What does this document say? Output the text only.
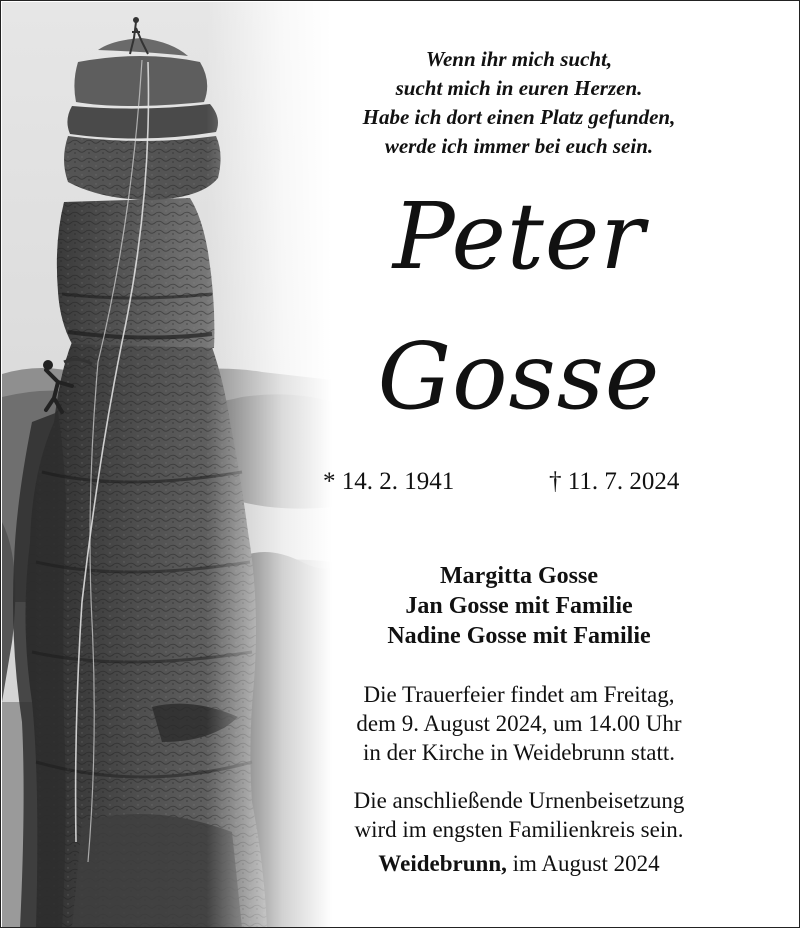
Wenn ihr mich sucht,
sucht mich in euren Herzen.
Habe ich dort einen Platz gefunden,
werde ich immer bei euch sein.
Peter
Gosse
* 14. 2. 1941	† 11. 7. 2024
Margitta Gosse
Jan Gosse mit Familie
Nadine Gosse mit Familie
Die Trauerfeier findet am Freitag,
dem 9. August 2024, um 14.00 Uhr
in der Kirche in Weidebrunn statt.
Die anschließende Urnenbeisetzung
wird im engsten Familienkreis sein.
Weidebrunn, im August 2024
